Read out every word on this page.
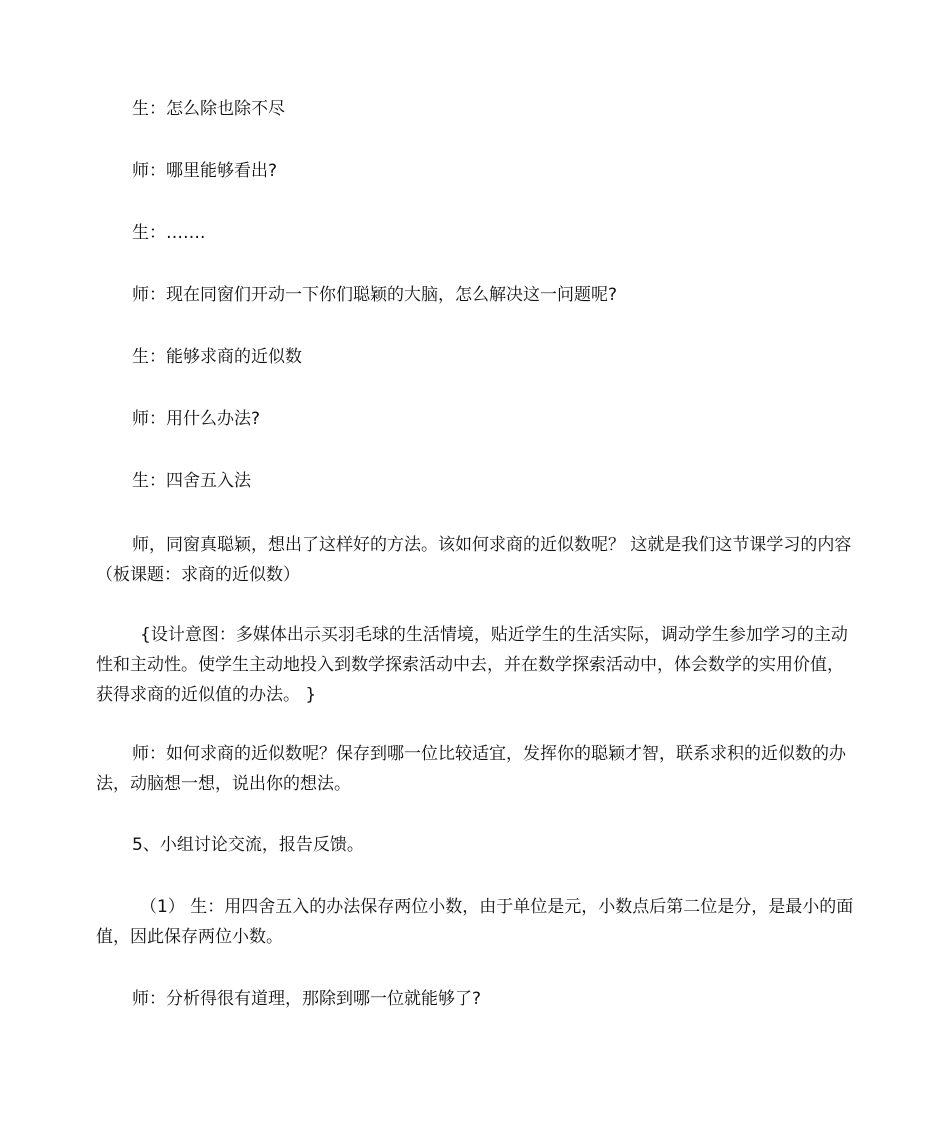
生：怎么除也除不尽

师：哪里能够看出?

生：…….

师：现在同窗们开动一下你们聪颖的大脑，怎么解决这一问题呢?

生：能够求商的近似数

师：用什么办法?

生：四舍五入法

师，同窗真聪颖，想出了这样好的方法。该如何求商的近似数呢？ 这就是我们这节课学习的内容（板课题：求商的近似数）

{设计意图：多媒体出示买羽毛球的生活情境，贴近学生的生活实际，调动学生参加学习的主动性和主动性。使学生主动地投入到数学探索活动中去，并在数学探索活动中，体会数学的实用价值，获得求商的近似值的办法。 }

师：如何求商的近似数呢？保存到哪一位比较适宜，发挥你的聪颖才智，联系求积的近似数的办法，动脑想一想，说出你的想法。

5、小组讨论交流，报告反馈。

（1） 生：用四舍五入的办法保存两位小数，由于单位是元，小数点后第二位是分，是最小的面值，因此保存两位小数。

师：分析得很有道理，那除到哪一位就能够了?
